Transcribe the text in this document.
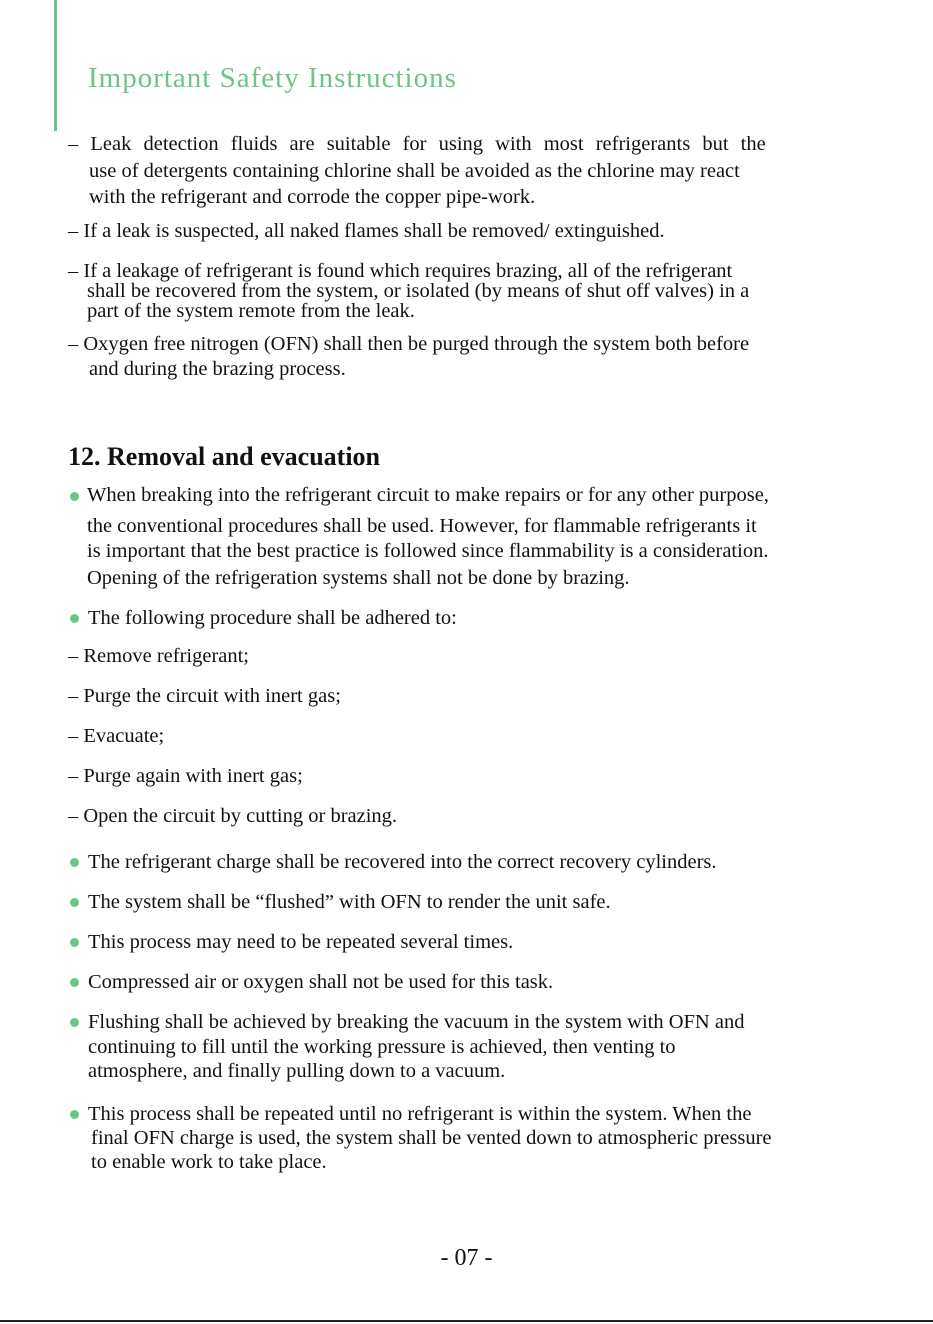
Important Safety Instructions
– Leak detection fluids are suitable for using with most refrigerants but the
use of detergents containing chlorine shall be avoided as the chlorine may react
with the refrigerant and corrode the copper pipe-work.
– If a leak is suspected, all naked flames shall be removed/ extinguished.
– If a leakage of refrigerant is found which requires brazing, all of the refrigerant
shall be recovered from the system, or isolated (by means of shut off valves) in a
part of the system remote from the leak.
– Oxygen free nitrogen (OFN) shall then be purged through the system both before
and during the brazing process.
12. Removal and evacuation
When breaking into the refrigerant circuit to make repairs or for any other purpose,
the conventional procedures shall be used. However, for flammable refrigerants it
is important that the best practice is followed since flammability is a consideration.
Opening of the refrigeration systems shall not be done by brazing.
The following procedure shall be adhered to:
– Remove refrigerant;
– Purge the circuit with inert gas;
– Evacuate;
– Purge again with inert gas;
– Open the circuit by cutting or brazing.
The refrigerant charge shall be recovered into the correct recovery cylinders.
The system shall be “flushed” with OFN to render the unit safe.
This process may need to be repeated several times.
Compressed air or oxygen shall not be used for this task.
Flushing shall be achieved by breaking the vacuum in the system with OFN and
continuing to fill until the working pressure is achieved, then venting to
atmosphere, and finally pulling down to a vacuum.
This process shall be repeated until no refrigerant is within the system. When the
final OFN charge is used, the system shall be vented down to atmospheric pressure
to enable work to take place.
- 07 -
